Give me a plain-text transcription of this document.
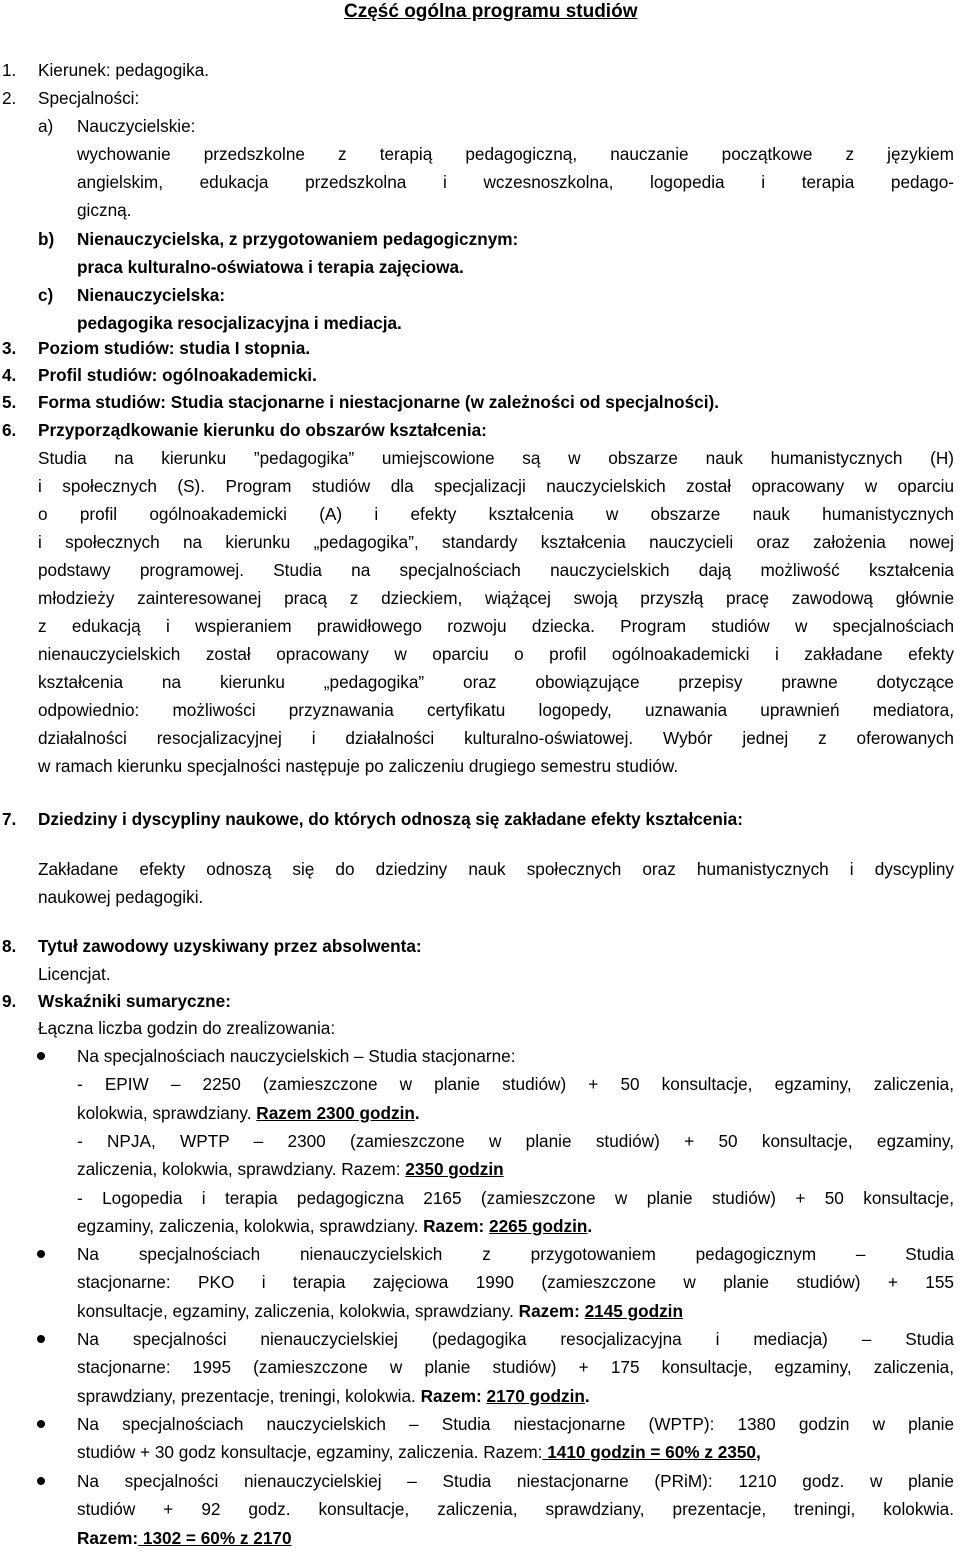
Część ogólna programu studiów
1.	Kierunek: pedagogika.
2.	Specjalności:
a)	Nauczycielskie:
wychowanie przedszkolne z terapią pedagogiczną, nauczanie początkowe z językiem
angielskim, edukacja przedszkolna i wczesnoszkolna, logopedia i terapia pedago-
giczną.
b)	Nienauczycielska, z przygotowaniem pedagogicznym:
praca kulturalno-oświatowa i terapia zajęciowa.
c)	Nienauczycielska:
pedagogika resocjalizacyjna i mediacja.
3.	Poziom studiów: studia I stopnia.
4.	Profil studiów: ogólnoakademicki.
5.	Forma studiów: Studia stacjonarne i niestacjonarne (w zależności od specjalności).
6.	Przyporządkowanie kierunku do obszarów kształcenia:
Studia na kierunku ”pedagogika” umiejscowione są w obszarze nauk humanistycznych (H)
i społecznych (S). Program studiów dla specjalizacji nauczycielskich został opracowany w oparciu
o profil ogólnoakademicki (A) i efekty kształcenia w obszarze nauk humanistycznych
i społecznych na kierunku „pedagogika”, standardy kształcenia nauczycieli oraz założenia nowej
podstawy programowej. Studia na specjalnościach nauczycielskich dają możliwość kształcenia
młodzieży zainteresowanej pracą z dzieckiem, wiążącej swoją przyszłą pracę zawodową głównie
z edukacją i wspieraniem prawidłowego rozwoju dziecka. Program studiów w specjalnościach
nienauczycielskich został opracowany w oparciu o profil ogólnoakademicki i zakładane efekty
kształcenia na kierunku „pedagogika” oraz obowiązujące przepisy prawne dotyczące
odpowiednio: możliwości przyznawania certyfikatu logopedy, uznawania uprawnień mediatora,
działalności resocjalizacyjnej i działalności kulturalno-oświatowej. Wybór jednej z oferowanych
w ramach kierunku specjalności następuje po zaliczeniu drugiego semestru studiów.
7.	Dziedziny i dyscypliny naukowe, do których odnoszą się zakładane efekty kształcenia:
Zakładane efekty odnoszą się do dziedziny nauk społecznych oraz humanistycznych i dyscypliny
naukowej pedagogiki.
8.	Tytuł zawodowy uzyskiwany przez absolwenta:
Licencjat.
9.	Wskaźniki sumaryczne:
Łączna liczba godzin do zrealizowania:
Na specjalnościach nauczycielskich – Studia stacjonarne:
- EPIW – 2250 (zamieszczone w planie studiów) + 50 konsultacje, egzaminy, zaliczenia,
kolokwia, sprawdziany. Razem 2300 godzin.
- NPJA, WPTP – 2300 (zamieszczone w planie studiów) + 50 konsultacje, egzaminy,
zaliczenia, kolokwia, sprawdziany. Razem: 2350 godzin
- Logopedia i terapia pedagogiczna 2165 (zamieszczone w planie studiów) + 50 konsultacje,
egzaminy, zaliczenia, kolokwia, sprawdziany. Razem: 2265 godzin.
Na specjalnościach nienauczycielskich z przygotowaniem pedagogicznym – Studia
stacjonarne: PKO i terapia zajęciowa 1990 (zamieszczone w planie studiów) + 155
konsultacje, egzaminy, zaliczenia, kolokwia, sprawdziany. Razem: 2145 godzin
Na specjalności nienauczycielskiej (pedagogika resocjalizacyjna i mediacja) – Studia
stacjonarne: 1995 (zamieszczone w planie studiów) + 175 konsultacje, egzaminy, zaliczenia,
sprawdziany, prezentacje, treningi, kolokwia. Razem: 2170 godzin.
Na specjalnościach nauczycielskich – Studia niestacjonarne (WPTP): 1380 godzin w planie
studiów + 30 godz konsultacje, egzaminy, zaliczenia. Razem: 1410 godzin = 60% z 2350,
Na specjalności nienauczycielskiej – Studia niestacjonarne (PRiM): 1210 godz. w planie
studiów + 92 godz. konsultacje, zaliczenia, sprawdziany, prezentacje, treningi, kolokwia.
Razem: 1302 = 60% z 2170
